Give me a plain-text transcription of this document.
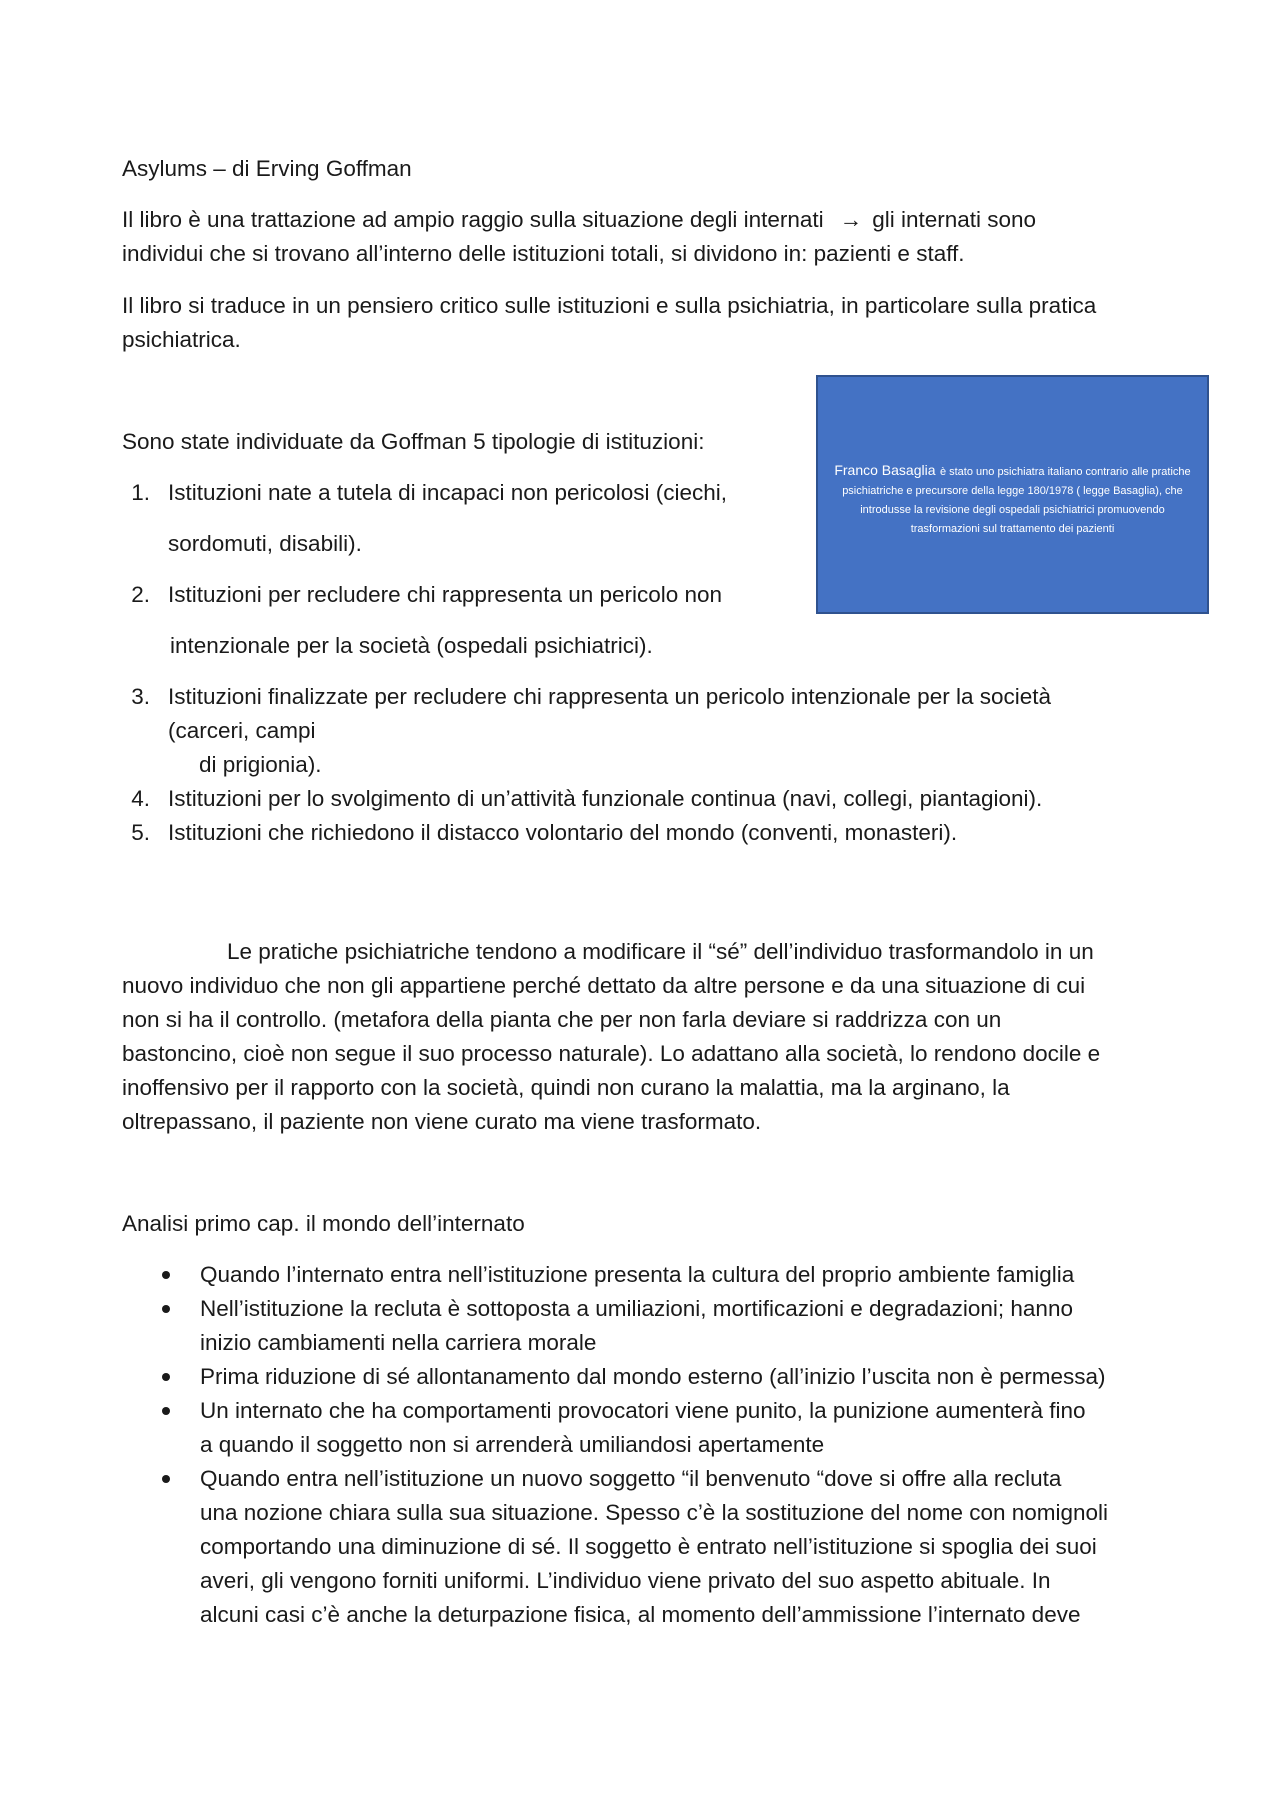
Asylums – di Erving Goffman

Il libro è una trattazione ad ampio raggio sulla situazione degli internati → gli internati sono

individui che si trovano all’interno delle istituzioni totali, si dividono in: pazienti e staff.

Il libro si traduce in un pensiero critico sulle istituzioni e sulla psichiatria, in particolare sulla pratica

psichiatrica.

Franco Basaglia è stato uno psichiatra italiano contrario alle pratiche psichiatriche e precursore della legge 180/1978 ( legge Basaglia), che introdusse la revisione degli ospedali psichiatrici promuovendo trasformazioni sul trattamento dei pazienti

Sono state individuate da Goffman 5 tipologie di istituzioni:

1. Istituzioni nate a tutela di incapaci non pericolosi (ciechi,
sordomuti, disabili).
2. Istituzioni per recludere chi rappresenta un pericolo non
intenzionale per la società (ospedali psichiatrici).
3. Istituzioni finalizzate per recludere chi rappresenta un pericolo intenzionale per la società
(carceri, campi
di prigionia).
4. Istituzioni per lo svolgimento di un’attività funzionale continua (navi, collegi, piantagioni).
5. Istituzioni che richiedono il distacco volontario del mondo (conventi, monasteri).

Le pratiche psichiatriche tendono a modificare il “sé” dell’individuo trasformandolo in un

nuovo individuo che non gli appartiene perché dettato da altre persone e da una situazione di cui

non si ha il controllo. (metafora della pianta che per non farla deviare si raddrizza con un

bastoncino, cioè non segue il suo processo naturale). Lo adattano alla società, lo rendono docile e

inoffensivo per il rapporto con la società, quindi non curano la malattia, ma la arginano, la

oltrepassano, il paziente non viene curato ma viene trasformato.

Analisi primo cap. il mondo dell’internato

Quando l’internato entra nell’istituzione presenta la cultura del proprio ambiente famiglia
Nell’istituzione la recluta è sottoposta a umiliazioni, mortificazioni e degradazioni; hanno
inizio cambiamenti nella carriera morale
Prima riduzione di sé allontanamento dal mondo esterno (all’inizio l’uscita non è permessa)
Un internato che ha comportamenti provocatori viene punito, la punizione aumenterà fino
a quando il soggetto non si arrenderà umiliandosi apertamente
Quando entra nell’istituzione un nuovo soggetto “il benvenuto “dove si offre alla recluta
una nozione chiara sulla sua situazione. Spesso c’è la sostituzione del nome con nomignoli
comportando una diminuzione di sé. Il soggetto è entrato nell’istituzione si spoglia dei suoi
averi, gli vengono forniti uniformi. L’individuo viene privato del suo aspetto abituale. In
alcuni casi c’è anche la deturpazione fisica, al momento dell’ammissione l’internato deve
